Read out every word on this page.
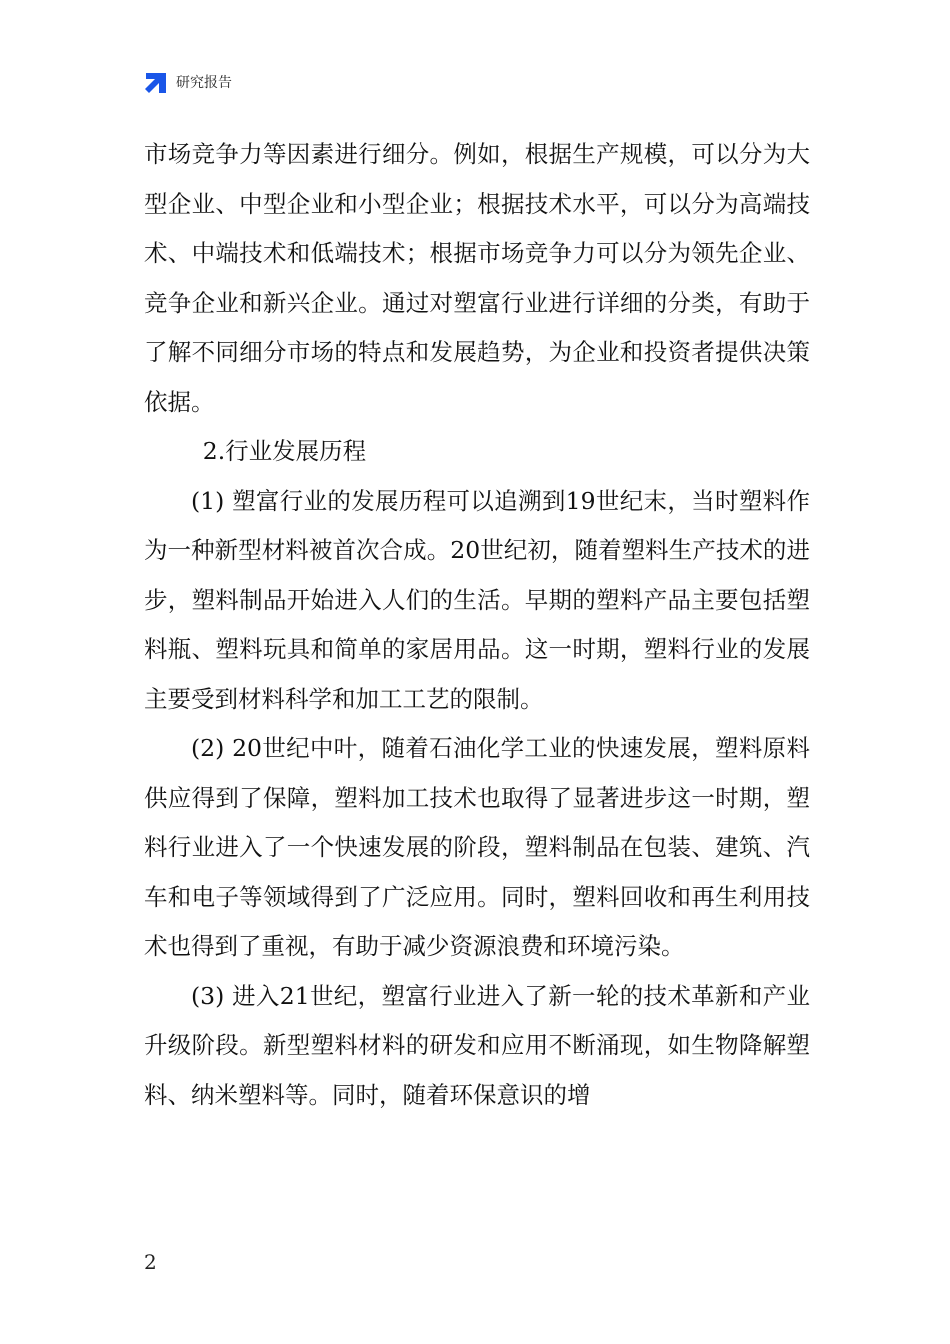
研究报告

市场竞争力等因素进行细分。例如，根据生产规模，可以分为大型企业、中型企业和小型企业；根据技术水平，可以分为高端技术、中端技术和低端技术；根据市场竞争力可以分为领先企业、竞争企业和新兴企业。通过对塑富行业进行详细的分类，有助于了解不同细分市场的特点和发展趋势，为企业和投资者提供决策依据。

2.行业发展历程

(1) 塑富行业的发展历程可以追溯到19世纪末，当时塑料作为一种新型材料被首次合成。20世纪初，随着塑料生产技术的进步，塑料制品开始进入人们的生活。早期的塑料产品主要包括塑料瓶、塑料玩具和简单的家居用品。这一时期，塑料行业的发展主要受到材料科学和加工工艺的限制。

(2) 20世纪中叶，随着石油化学工业的快速发展，塑料原料供应得到了保障，塑料加工技术也取得了显著进步这一时期，塑料行业进入了一个快速发展的阶段，塑料制品在包装、建筑、汽车和电子等领域得到了广泛应用。同时，塑料回收和再生利用技术也得到了重视，有助于减少资源浪费和环境污染。

(3) 进入21世纪，塑富行业进入了新一轮的技术革新和产业升级阶段。新型塑料材料的研发和应用不断涌现，如生物降解塑料、纳米塑料等。同时，随着环保意识的增

2
